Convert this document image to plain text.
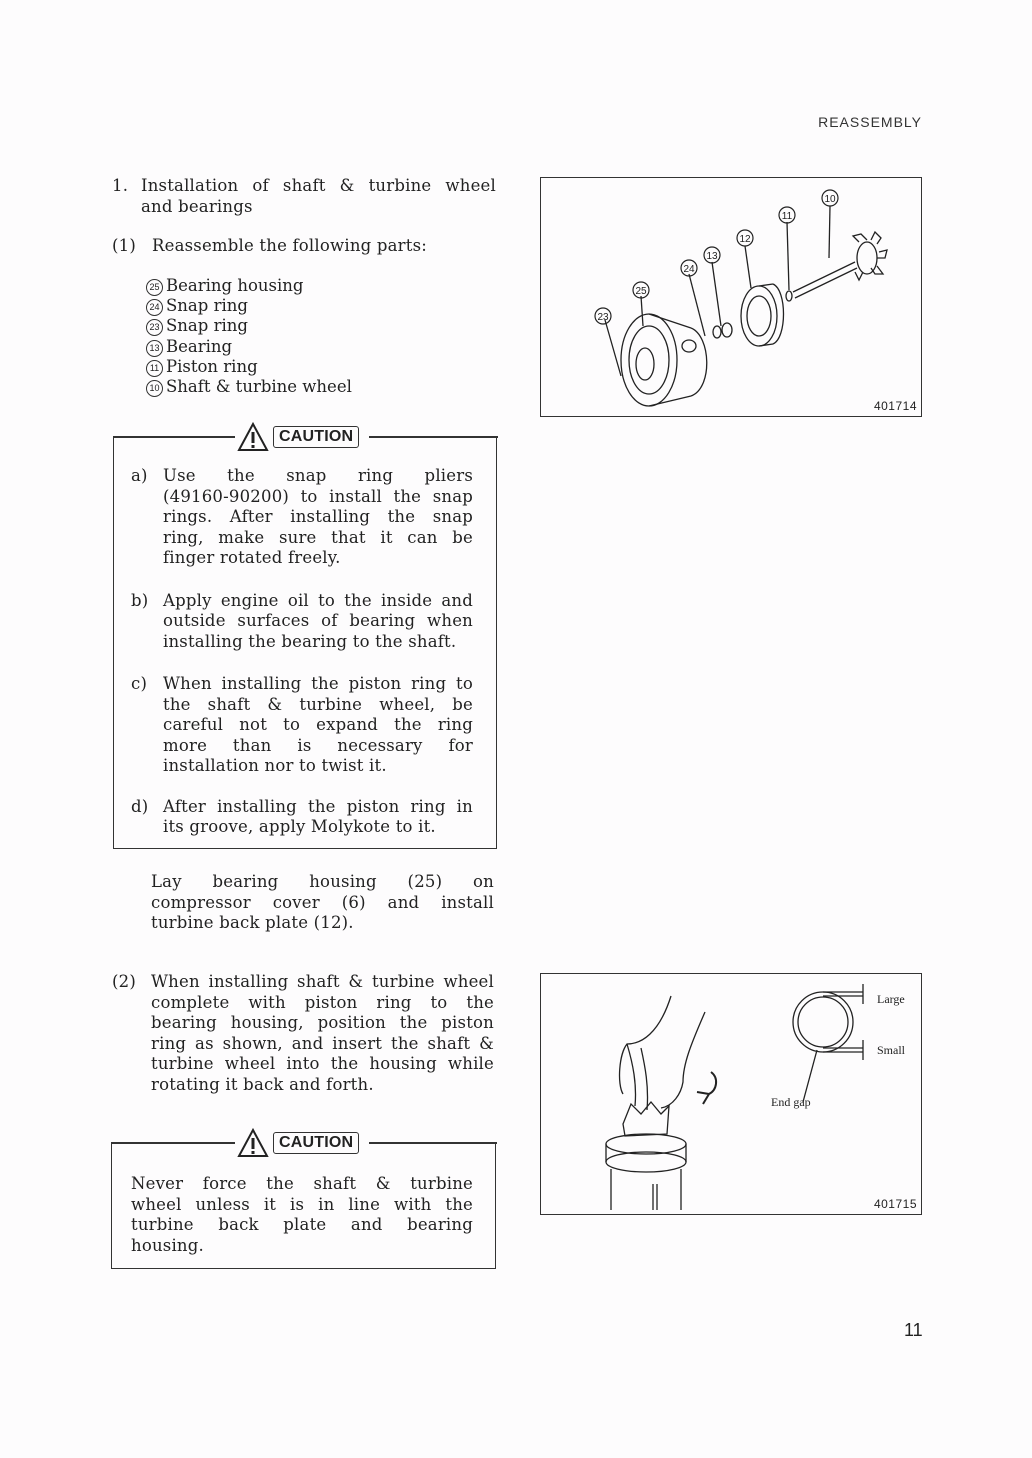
REASSEMBLY
1. Installation of shaft & turbine wheel
and bearings
(1) Reassemble the following parts:
25 Bearing housing
24 Snap ring
23 Snap ring
13 Bearing
11 Piston ring
10 Shaft & turbine wheel
CAUTION
a) Use the snap ring pliers
(49160-90200) to install the snap
rings. After installing the snap
ring, make sure that it can be
finger rotated freely.
b) Apply engine oil to the inside and
outside surfaces of bearing when
installing the bearing to the shaft.
c) When installing the piston ring to
the shaft & turbine wheel, be
careful not to expand the ring
more than is necessary for
installation nor to twist it.
d) After installing the piston ring in
its groove, apply Molykote to it.
Lay bearing housing (25) on
compressor cover (6) and install
turbine back plate (12).
(2) When installing shaft & turbine wheel
complete with piston ring to the
bearing housing, position the piston
ring as shown, and insert the shaft &
turbine wheel into the housing while
rotating it back and forth.
CAUTION
Never force the shaft & turbine
wheel unless it is in line with the
turbine back plate and bearing
housing.
10
11
12
13
24
25
23
401714
Large
Small
End gap
401715
11
